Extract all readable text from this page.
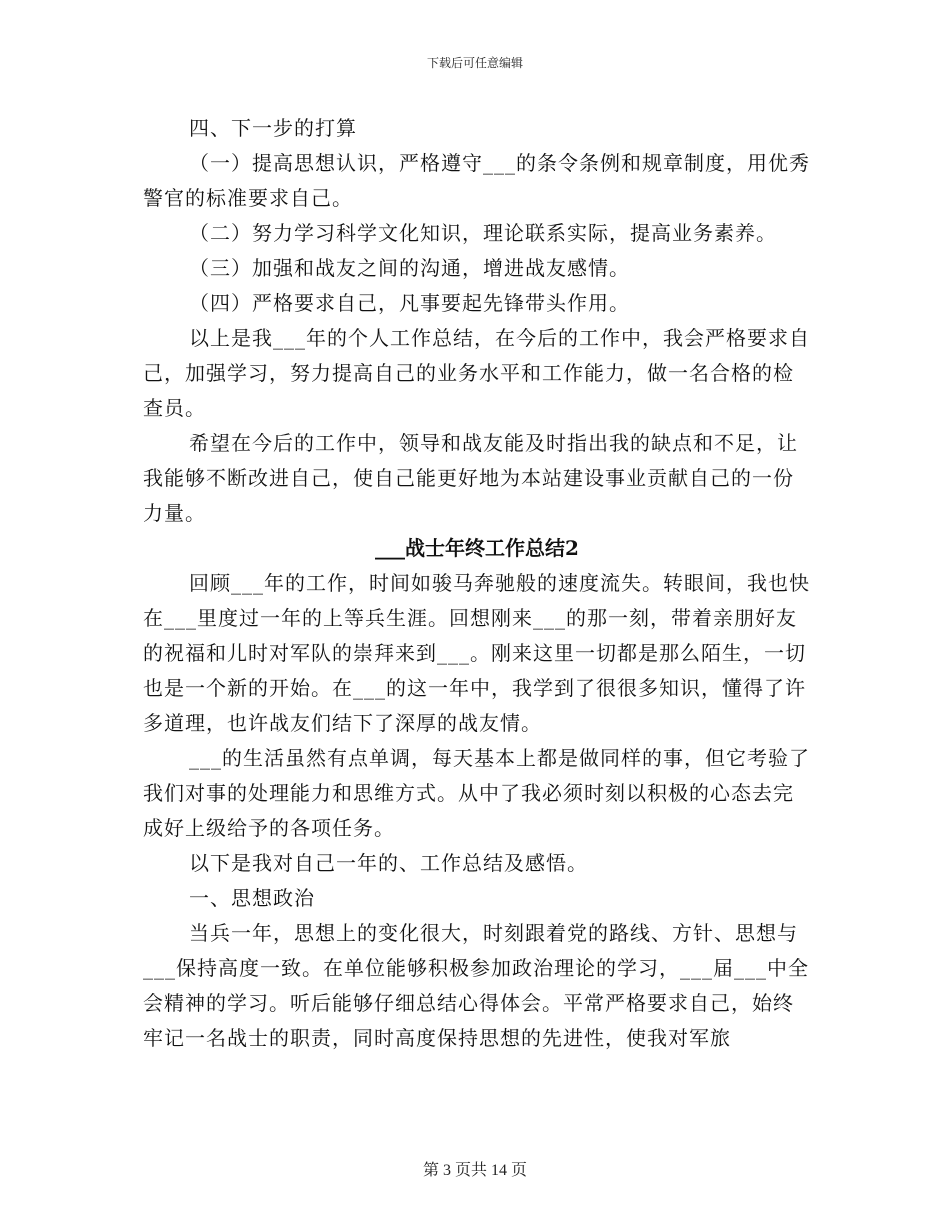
下载后可任意编辑

四、下一步的打算

（一）提高思想认识，严格遵守___的条令条例和规章制度，用优秀警官的标准要求自己。

（二）努力学习科学文化知识，理论联系实际，提高业务素养。

（三）加强和战友之间的沟通，增进战友感情。

（四）严格要求自己，凡事要起先锋带头作用。

以上是我___年的个人工作总结，在今后的工作中，我会严格要求自己，加强学习，努力提高自己的业务水平和工作能力，做一名合格的检查员。

希望在今后的工作中，领导和战友能及时指出我的缺点和不足，让我能够不断改进自己，使自己能更好地为本站建设事业贡献自己的一份力量。

___战士年终工作总结2

回顾___年的工作，时间如骏马奔驰般的速度流失。转眼间，我也快在___里度过一年的上等兵生涯。回想刚来___的那一刻，带着亲朋好友的祝福和儿时对军队的崇拜来到___。刚来这里一切都是那么陌生，一切也是一个新的开始。在___的这一年中，我学到了很很多知识，懂得了许多道理，也许战友们结下了深厚的战友情。

___的生活虽然有点单调，每天基本上都是做同样的事，但它考验了我们对事的处理能力和思维方式。从中了我必须时刻以积极的心态去完成好上级给予的各项任务。

以下是我对自己一年的、工作总结及感悟。

一、思想政治

当兵一年，思想上的变化很大，时刻跟着党的路线、方针、思想与___保持高度一致。在单位能够积极参加政治理论的学习，___届___中全会精神的学习。听后能够仔细总结心得体会。平常严格要求自己，始终牢记一名战士的职责，同时高度保持思想的先进性，使我对军旅

第 3 页共 14 页
